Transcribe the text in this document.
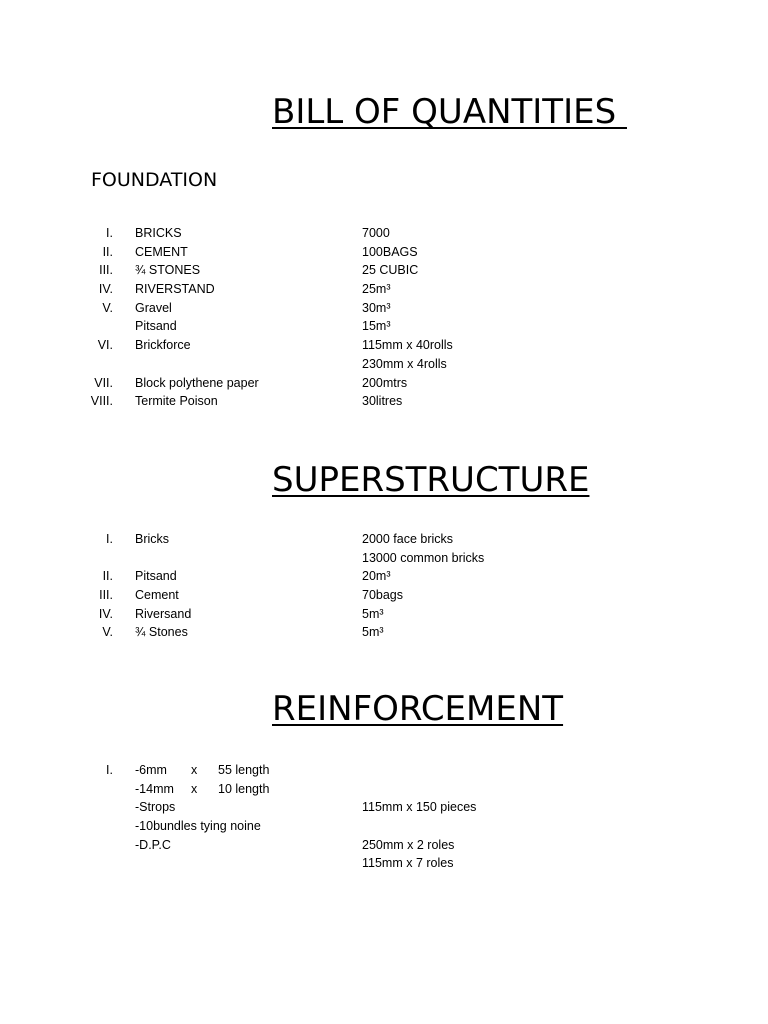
BILL OF QUANTITIES
FOUNDATION
I. BRICKS	7000
II. CEMENT	100BAGS
III. ¾ STONES	25 CUBIC
IV. RIVERSTAND	25m³
V. Gravel	30m³
Pitsand	15m³
VI. Brickforce	115mm x 40rolls
230mm x 4rolls
VII. Block polythene paper	200mtrs
VIII. Termite Poison	30litres
SUPERSTRUCTURE
I. Bricks	2000 face bricks
13000 common bricks
II. Pitsand	20m³
III. Cement	70bags
IV. Riversand	5m³
V. ¾ Stones	5m³
REINFORCEMENT
I. -6mm x 55 length
-14mm x 10 length
-Strops	115mm x 150 pieces
-10bundles tying noine
-D.P.C	250mm x 2 roles
115mm x 7 roles
